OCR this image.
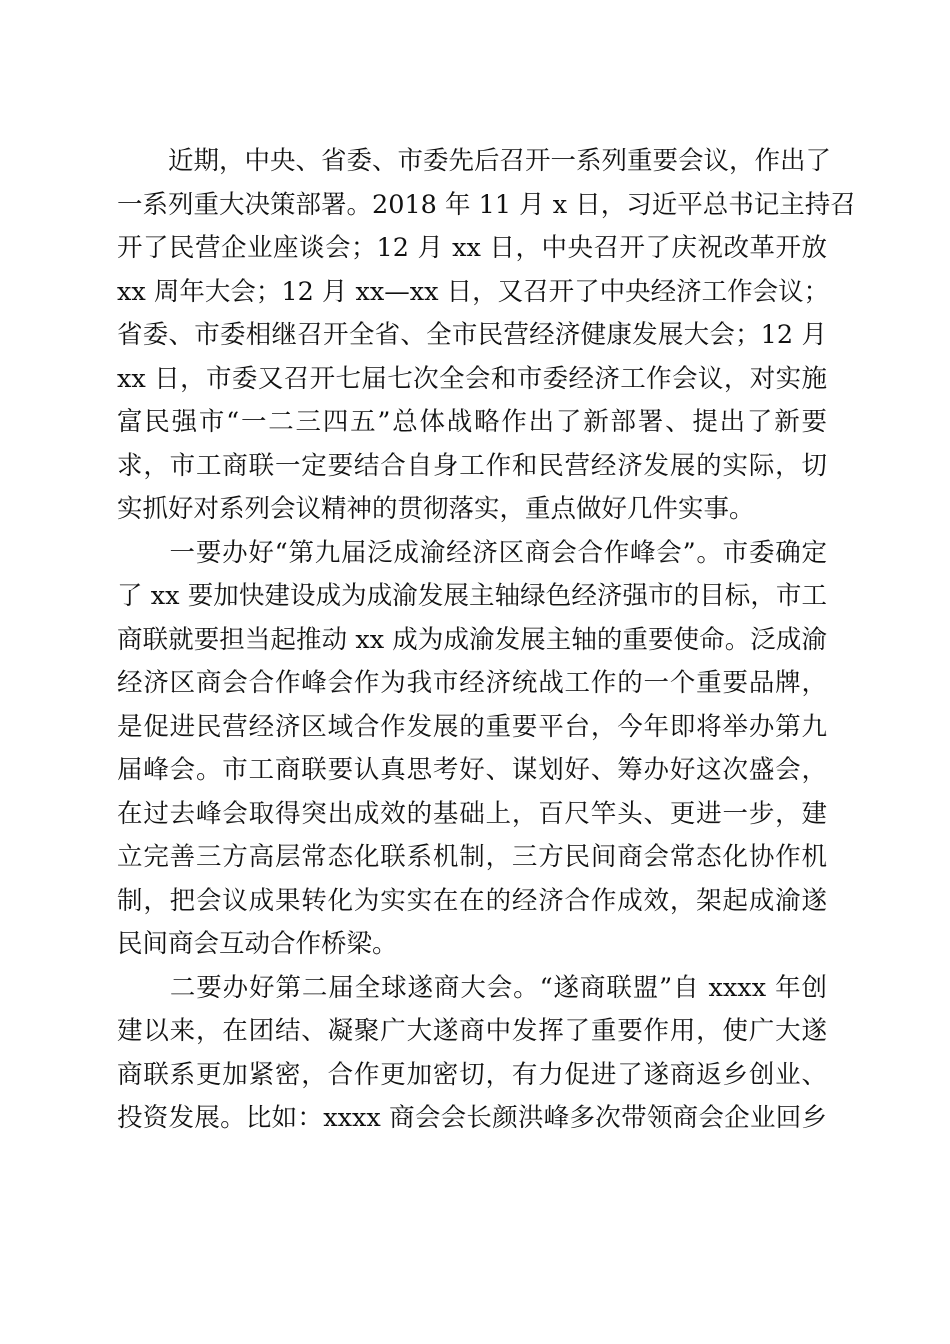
　　近期，中央、省委、市委先后召开一系列重要会议，作出了
一系列重大决策部署。2018 年 11 月 x 日，习近平总书记主持召
开了民营企业座谈会；12 月 xx 日，中央召开了庆祝改革开放
xx 周年大会；12 月 xx—xx 日，又召开了中央经济工作会议；
省委、市委相继召开全省、全市民营经济健康发展大会；12 月
xx 日，市委又召开七届七次全会和市委经济工作会议，对实施
富民强市“一二三四五”总体战略作出了新部署、提出了新要
求，市工商联一定要结合自身工作和民营经济发展的实际，切
实抓好对系列会议精神的贯彻落实，重点做好几件实事。
　　一要办好“第九届泛成渝经济区商会合作峰会”。市委确定
了 xx 要加快建设成为成渝发展主轴绿色经济强市的目标，市工
商联就要担当起推动 xx 成为成渝发展主轴的重要使命。泛成渝
经济区商会合作峰会作为我市经济统战工作的一个重要品牌，
是促进民营经济区域合作发展的重要平台，今年即将举办第九
届峰会。市工商联要认真思考好、谋划好、筹办好这次盛会，
在过去峰会取得突出成效的基础上，百尺竿头、更进一步，建
立完善三方高层常态化联系机制，三方民间商会常态化协作机
制，把会议成果转化为实实在在的经济合作成效，架起成渝遂
民间商会互动合作桥梁。
　　二要办好第二届全球遂商大会。“遂商联盟”自 xxxx 年创
建以来，在团结、凝聚广大遂商中发挥了重要作用，使广大遂
商联系更加紧密，合作更加密切，有力促进了遂商返乡创业、
投资发展。比如：xxxx 商会会长颜洪峰多次带领商会企业回乡
